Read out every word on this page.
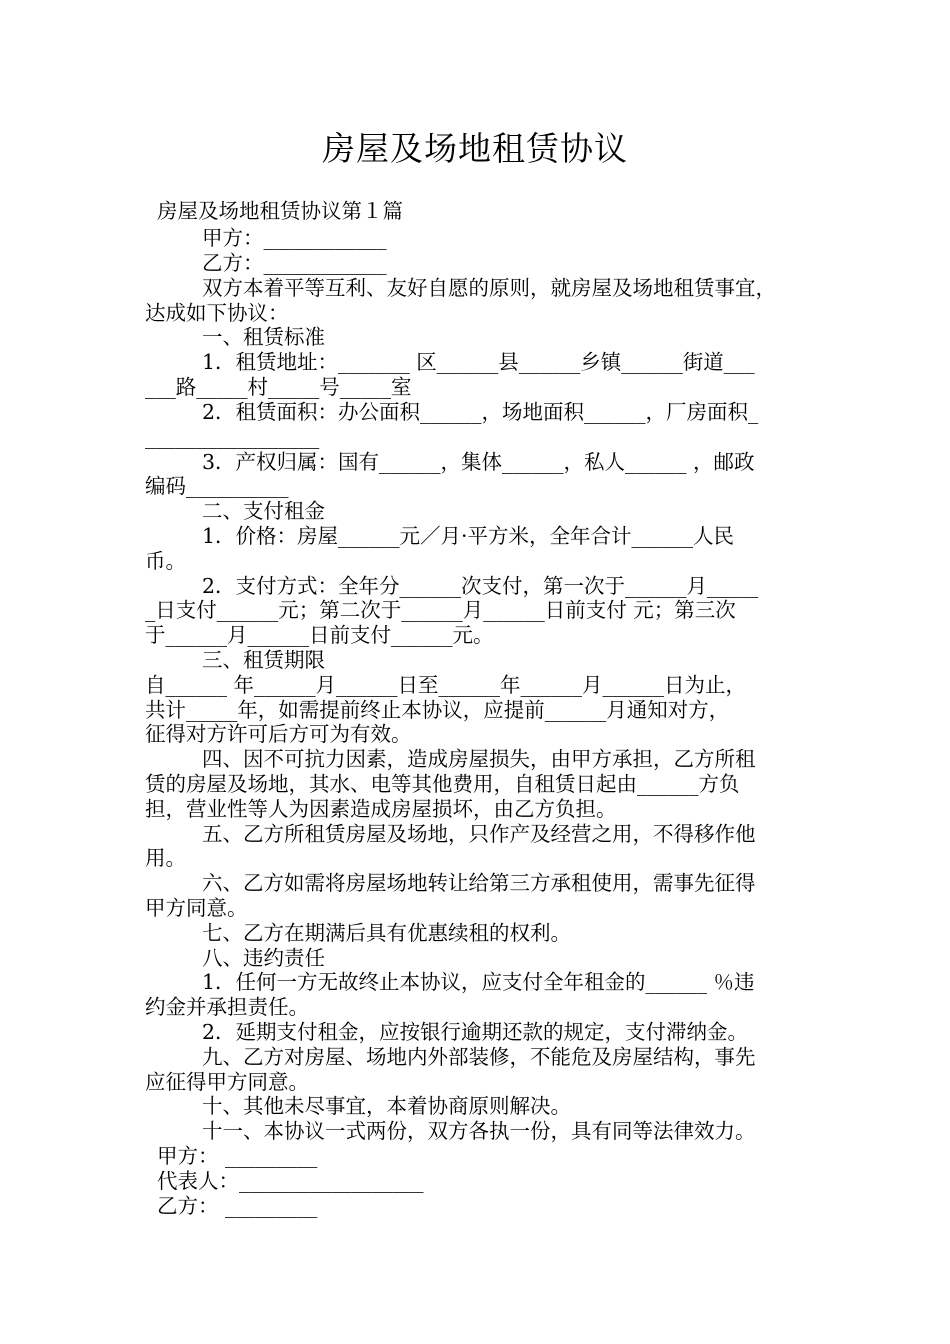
房屋及场地租赁协议
房屋及场地租赁协议第１篇
甲方：____________
乙方：____________
双方本着平等互利、友好自愿的原则，就房屋及场地租赁事宜，
达成如下协议：
一、租赁标准
1．租赁地址：_______ 区______县______乡镇______街道___
___路_____村_____号_____室
2．租赁面积：办公面积______，场地面积______，厂房面积_
_________________
3．产权归属：国有______，集体______，私人______ ，邮政
编码__________
二、支付租金
1．价格：房屋______元／月·平方米，全年合计______人民
币。
2．支付方式：全年分______次支付，第一次于______月_____
_日支付______元；第二次于______月______日前支付 元；第三次
于______月______日前支付______元。
三、租赁期限
自______ 年______月______日至______年______月______日为止，
共计_____年，如需提前终止本协议，应提前______月通知对方，
征得对方许可后方可为有效。
四、因不可抗力因素，造成房屋损失，由甲方承担，乙方所租
赁的房屋及场地，其水、电等其他费用，自租赁日起由______方负
担，营业性等人为因素造成房屋损坏，由乙方负担。
五、乙方所租赁房屋及场地，只作产及经营之用，不得移作他
用。
六、乙方如需将房屋场地转让给第三方承租使用，需事先征得
甲方同意。
七、乙方在期满后具有优惠续租的权利。
八、违约责任
1．任何一方无故终止本协议，应支付全年租金的______ ％违
约金并承担责任。
2．延期支付租金，应按银行逾期还款的规定，支付滞纳金。
九、乙方对房屋、场地内外部装修，不能危及房屋结构，事先
应征得甲方同意。
十、其他未尽事宜，本着协商原则解决。
十一、本协议一式两份，双方各执一份，具有同等法律效力。
甲方： _________
代表人：__________________
乙方： _________
